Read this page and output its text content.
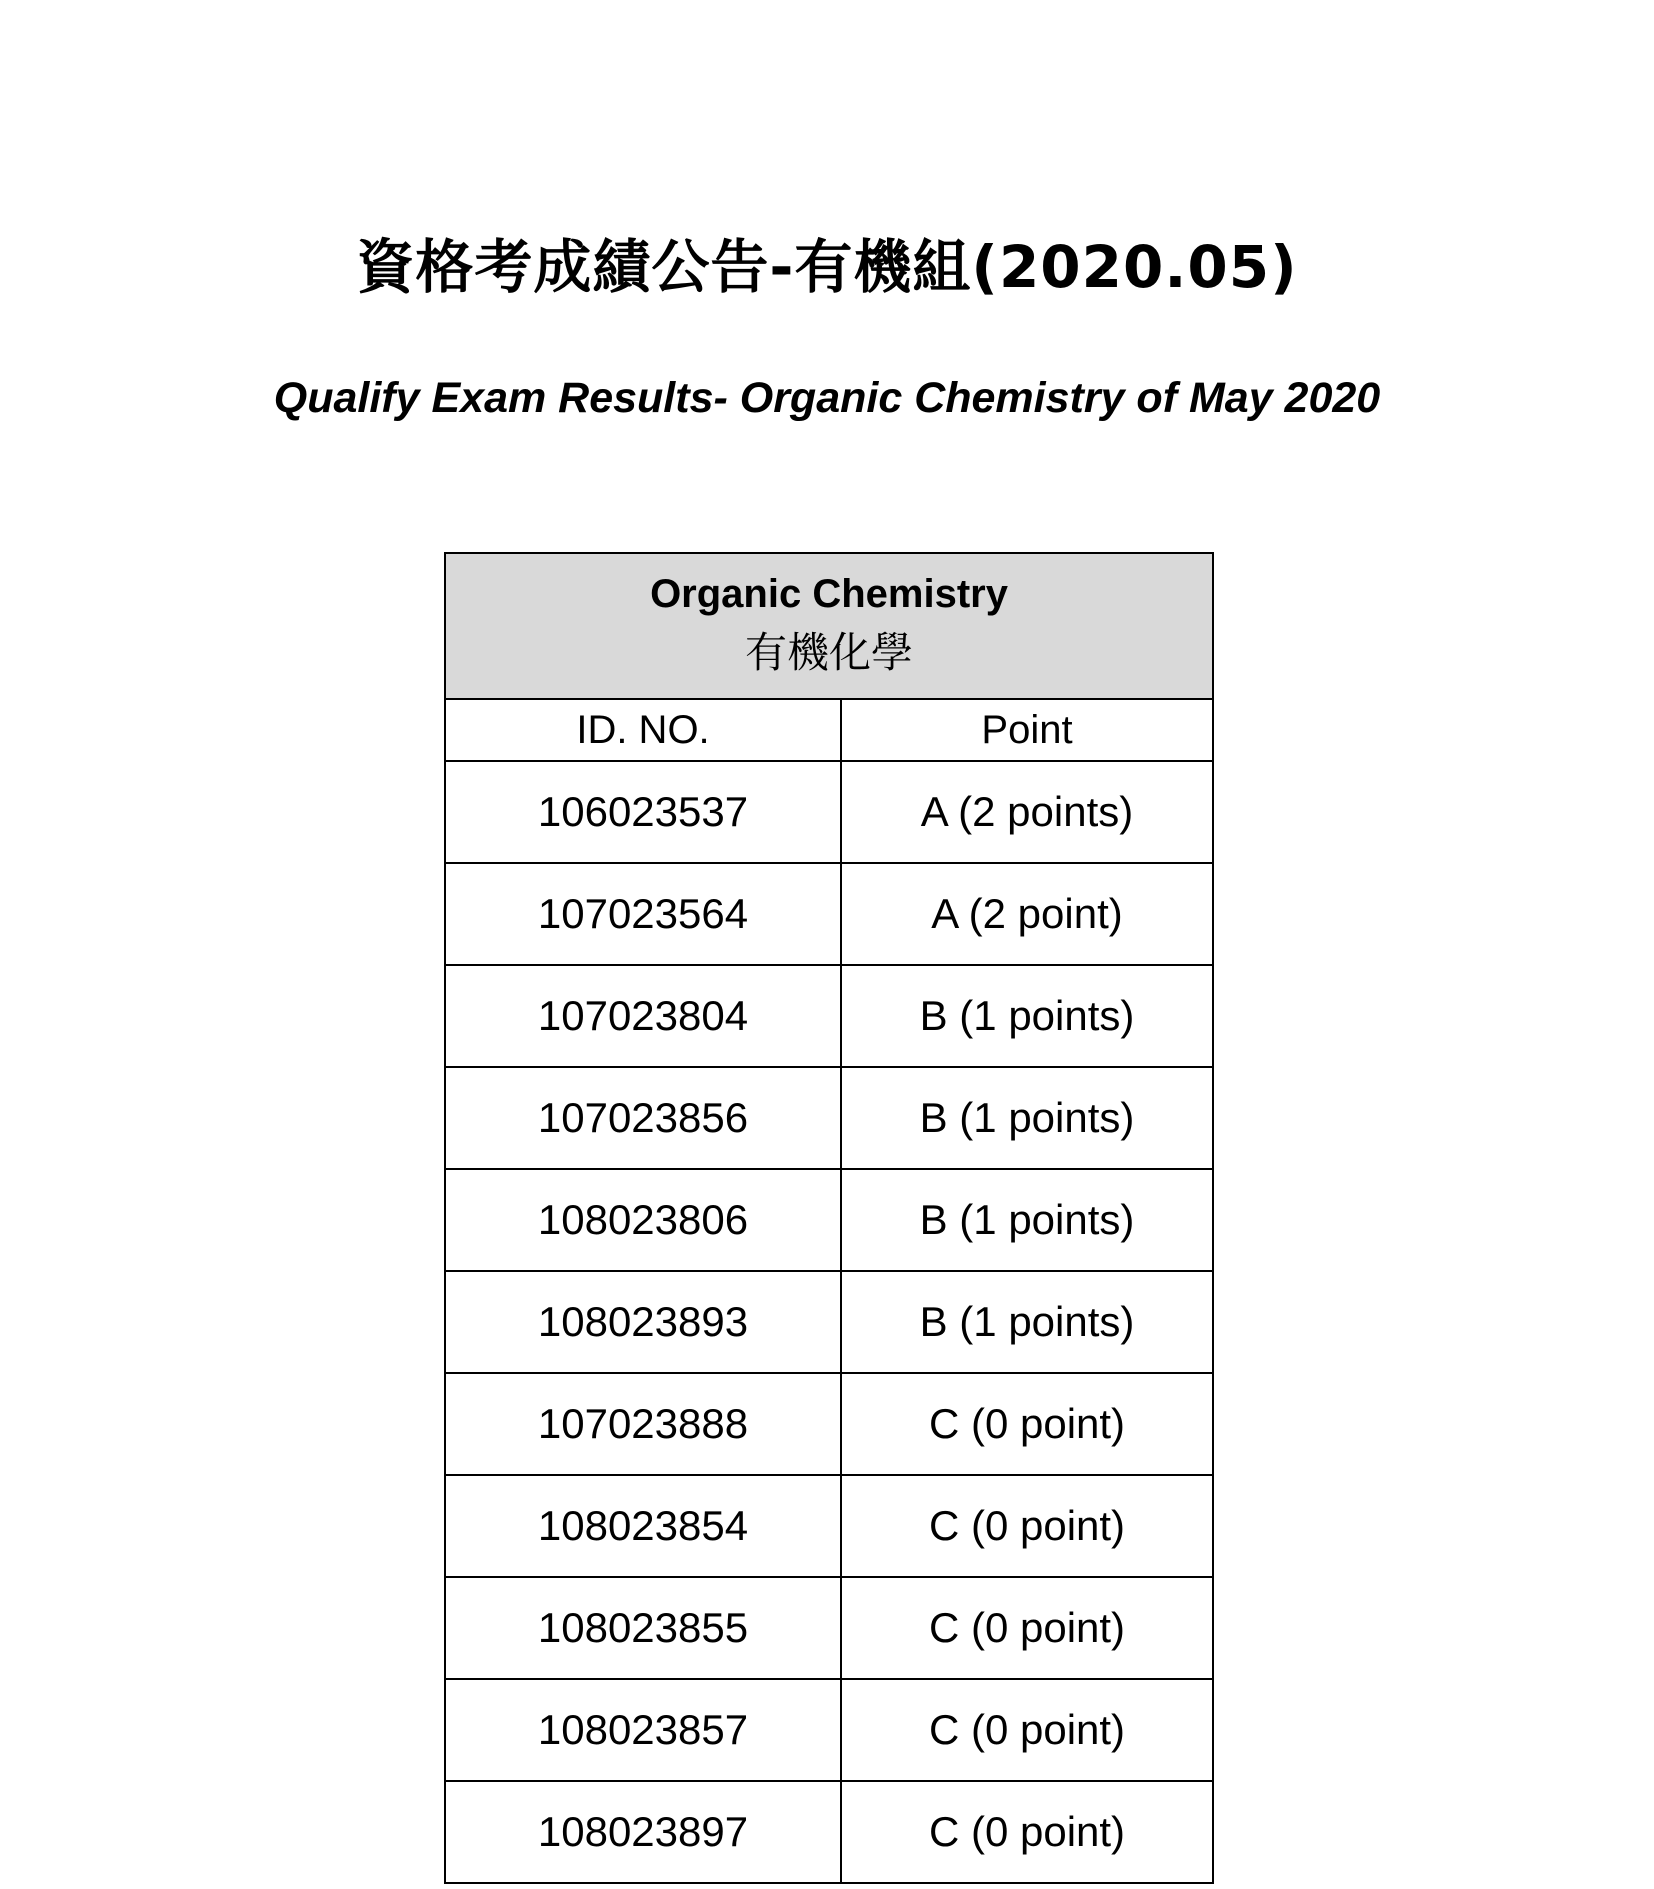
資格考成績公告-有機組(2020.05)
Qualify Exam Results- Organic Chemistry of May 2020
Organic Chemistry
有機化學	

ID. NO.	Point
106023537	A (2 points)
107023564	A (2 point)
107023804	B (1 points)
107023856	B (1 points)
108023806	B (1 points)
108023893	B (1 points)
107023888	C (0 point)
108023854	C (0 point)
108023855	C (0 point)
108023857	C (0 point)
108023897	C (0 point)
